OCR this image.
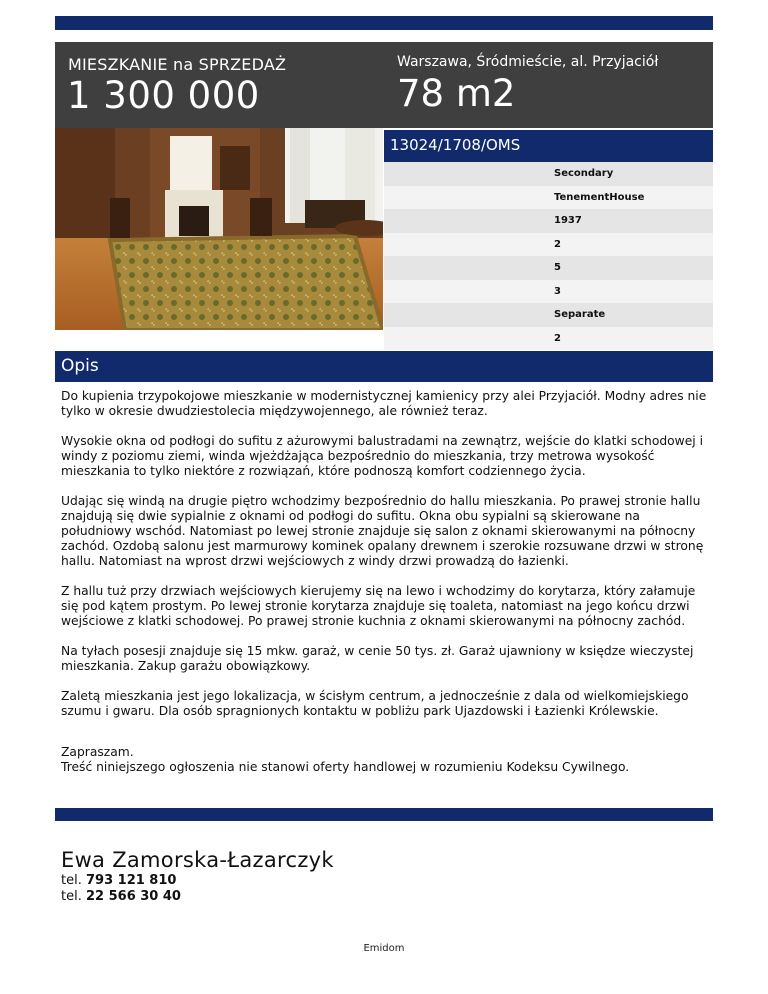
MIESZKANIE na SPRZEDAŻ
1 300 000
Warszawa, Śródmieście, al. Przyjaciół
78 m2
13024/1708/OMS
Secondary
TenementHouse
1937
2
5
3
Separate
2
Opis

Do kupienia trzypokojowe mieszkanie w modernistycznej kamienicy przy alei Przyjaciół. Modny adres nie tylko w okresie dwudziestolecia międzywojennego, ale również teraz.

Wysokie okna od podłogi do sufitu z ażurowymi balustradami na zewnątrz, wejście do klatki schodowej i windy z poziomu ziemi, winda wjeżdżająca bezpośrednio do mieszkania, trzy metrowa wysokość mieszkania to tylko niektóre z rozwiązań, które podnoszą komfort codziennego życia.

Udając się windą na drugie piętro wchodzimy bezpośrednio do hallu mieszkania. Po prawej stronie hallu znajdują się dwie sypialnie z oknami od podłogi do sufitu. Okna obu sypialni są skierowane na południowy wschód. Natomiast po lewej stronie znajduje się salon z oknami skierowanymi na północny zachód. Ozdobą salonu jest marmurowy kominek opalany drewnem i szerokie rozsuwane drzwi w stronę hallu. Natomiast na wprost drzwi wejściowych z windy drzwi prowadzą do łazienki.

Z hallu tuż przy drzwiach wejściowych kierujemy się na lewo i wchodzimy do korytarza, który załamuje się pod kątem prostym. Po lewej stronie korytarza znajduje się toaleta, natomiast na jego końcu drzwi wejściowe z klatki schodowej. Po prawej stronie kuchnia z oknami skierowanymi na północny zachód.

Na tyłach posesji znajduje się 15 mkw. garaż, w cenie 50 tys. zł. Garaż ujawniony w księdze wieczystej mieszkania. Zakup garażu obowiązkowy.

Zaletą mieszkania jest jego lokalizacja, w ścisłym centrum, a jednocześnie z dala od wielkomiejskiego szumu i gwaru. Dla osób spragnionych kontaktu w pobliżu park Ujazdowski i Łazienki Królewskie.

Zapraszam.
Treść niniejszego ogłoszenia nie stanowi oferty handlowej w rozumieniu Kodeksu Cywilnego.

Ewa Zamorska-Łazarczyk
tel. 793 121 810
tel. 22 566 30 40
Emidom
